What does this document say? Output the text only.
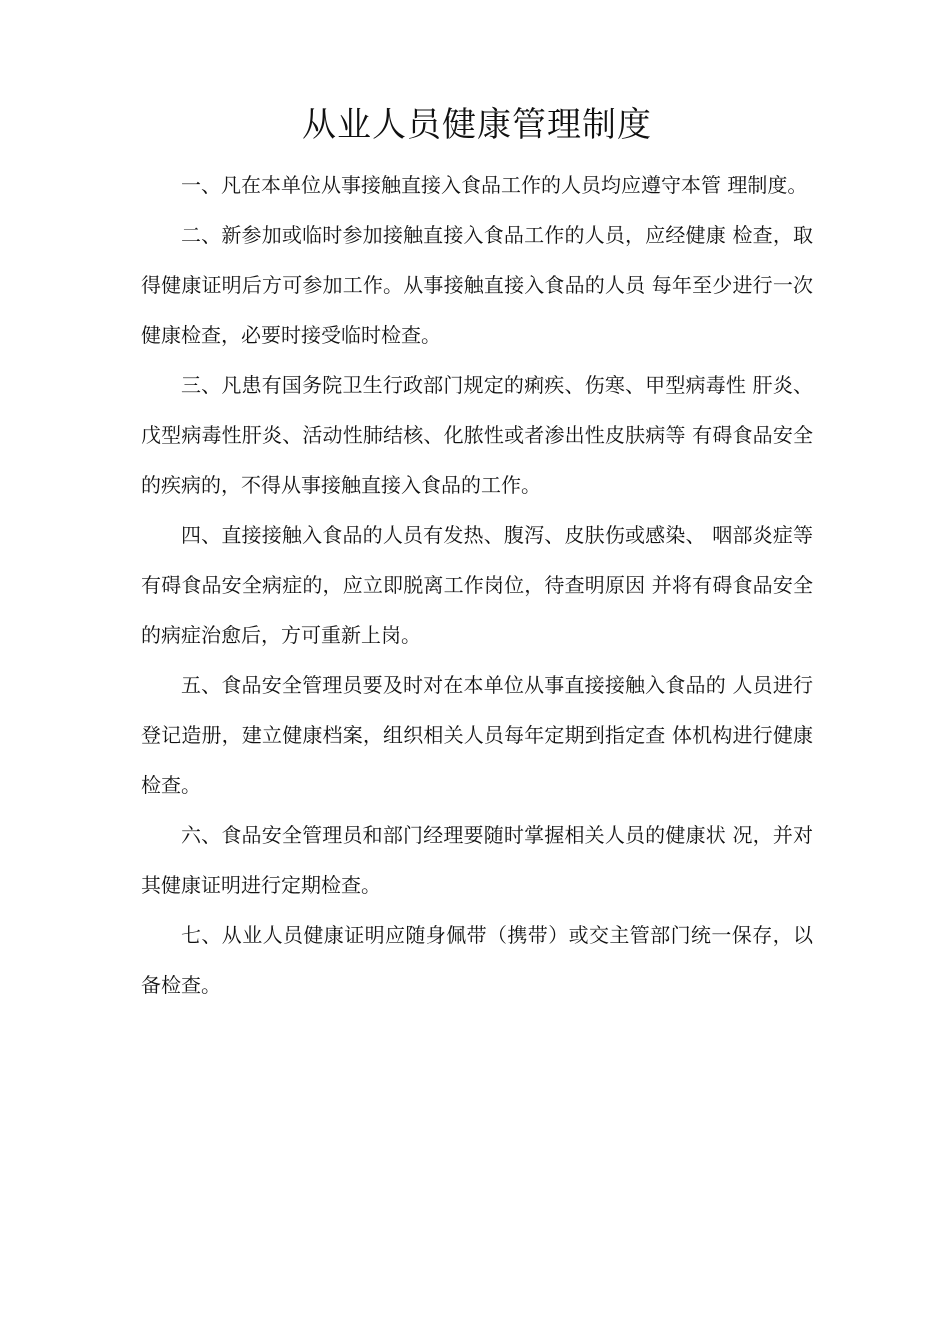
从业人员健康管理制度

一、凡在本单位从事接触直接入食品工作的人员均应遵守本管 理制度。

二、新参加或临时参加接触直接入食品工作的人员，应经健康 检查，取得健康证明后方可参加工作。从事接触直接入食品的人员 每年至少进行一次健康检查，必要时接受临时检查。

三、凡患有国务院卫生行政部门规定的痢疾、伤寒、甲型病毒性 肝炎、戊型病毒性肝炎、活动性肺结核、化脓性或者渗出性皮肤病等 有碍食品安全的疾病的，不得从事接触直接入食品的工作。

四、直接接触入食品的人员有发热、腹泻、皮肤伤或感染、 咽部炎症等有碍食品安全病症的，应立即脱离工作岗位，待查明原因 并将有碍食品安全的病症治愈后，方可重新上岗。

五、食品安全管理员要及时对在本单位从事直接接触入食品的 人员进行登记造册，建立健康档案，组织相关人员每年定期到指定查 体机构进行健康检查。

六、食品安全管理员和部门经理要随时掌握相关人员的健康状 况，并对其健康证明进行定期检查。

七、从业人员健康证明应随身佩带（携带）或交主管部门统一保存，以备检查。
